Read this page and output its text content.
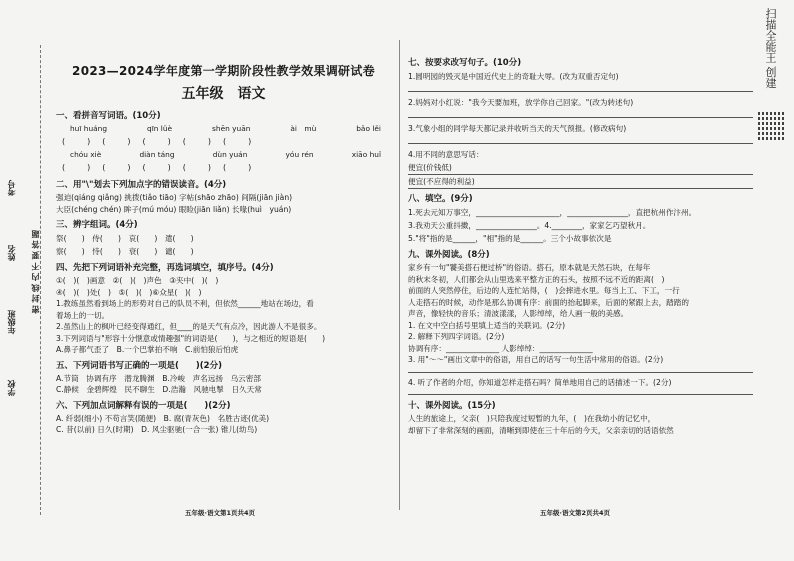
学校
年级班
姓名
考号
密 封 线 内 不 要 答 题
2023—2024学年度第一学期阶段性教学效果调研试卷
五年级　语文
一、看拼音写词语。(10分)
huī huáng	qīn lüè	shēn yuān	ài　mù	bǎo lěi
(　　)　(　　)　(　　)　(　　)　(　　)
chóu xiè	diàn táng	dùn yuán	yóu rén	xiāo huǐ
(　　)　(　　)　(　　)　(　　)　(　　)
二、用"\"划去下列加点字的错误读音。(4分)
强迫(qiáng qiǎng) 挑拨(tiǎo tiāo) 字帖(shāo zhāo) 间隔(jiān jiàn)
大臣(chéng chén) 眸子(mú móu) 眼睑(jiān liǎn) 长喙(huì　yuán)
三、辨字组词。(4分)
祭(　　)　侍(　　)　哀(　　)　遣(　　)
察(　　)　恃(　　)　衰(　　)　谴(　　)
四、先把下列词语补充完整，再选词填空，填序号。(4分)
①(　)(　)画意　②(　)(　)声色　③夹中(　)(　)
④(　)(　)处(　)　⑤(　)(　)⑥众星(　)(　)
1.教练虽然看到场上的形势对自己的队员不利，但依然______地站在场边，看
着场上的一切。
2.虽然山上的枫叶已经变得通红，但____的是天气有点冷，因此游人不是很多。
3.下列词语与"形容十分惬意或情趣强"的词语是(　　)，与之相近的短语是(　　)
A.鼻子都气歪了　B.一个巴掌拍不响　C.前怕狼后怕虎
五、下列词语书写正确的一项是(　　)(2分)
A.节筒　协调有序　潜龙腾渊　B.冷峻　声名远扬　乌云密部
C.静候　金碧辉煌　民不聊生　D.浩瀚　风驰电掣　日久天常
六、下列加点词解释有误的一项是(　　)(2分)
A. 纤弱(细小) 不苟言笑(随便)　B. 腐(青灰色)　名胜古迹(优美)
C. 昔(以前) 日久(时期)　D. 风尘驱驰(一合一张) 锥儿(幼鸟)
五年级·语文第1页共4页
七、按要求改写句子。(10分)
1.圆明园的毁灭是中国近代史上的奇耻大辱。(改为双重否定句)
2.妈妈对小红说："我今天要加班，放学你自己回家。"(改为转述句)
3.气象小组的同学每天都记录并收听当天的天气预报。(修改病句)
4.用不同的意思写话：
便宜(价钱低)
便宜(不应得的利益)
八、填空。(9分)
1.死去元知万事空，______________________，________________，直把杭州作汴州。
3.我劝天公重抖擞，________________。4.________，家家乞巧望秋月。
5."将"指的是______，"相"指的是______。三个小故事依次是
九、课外阅读。(8分)
家乡有一句"饕美搭石便过桥"的俗语。搭石，原本就是天然石块，在每年
的秋末冬初，人们都会从山里选来平整方正的石头，按照不远不近的距离(　)
前面的人突然停住，后边的人连忙站得，(　)会摔进水里。每当上工、下工，一行
人走搭石的时候，动作是那么协调有序：前面的抬起脚来，后面的紧跟上去，踏踏的
声音，像轻快的音乐；清波漾漾，人影绰绰，给人画一般的美感。
1. 在文中空白括号里填上适当的关联词。(2分)
2. 解释下列四字词语。(2分)
协调有序：______________ 人影绰绰：______________
3. 用"～～"画出文章中的俗语，用自己的话写一句生活中常用的俗语。(2分)
4. 听了作者的介绍，你知道怎样走搭石吗？简单地用自己的话描述一下。(2分)
十、课外阅读。(15分)
人生的旅途上，父亲(　)只陪我度过短暂的九年，(　)在我幼小的记忆中，
却留下了非常深刻的画面，清晰到即使在三十年后的今天，父亲亲切的话语依然
五年级·语文第2页共4页
扫描全能王 创建
